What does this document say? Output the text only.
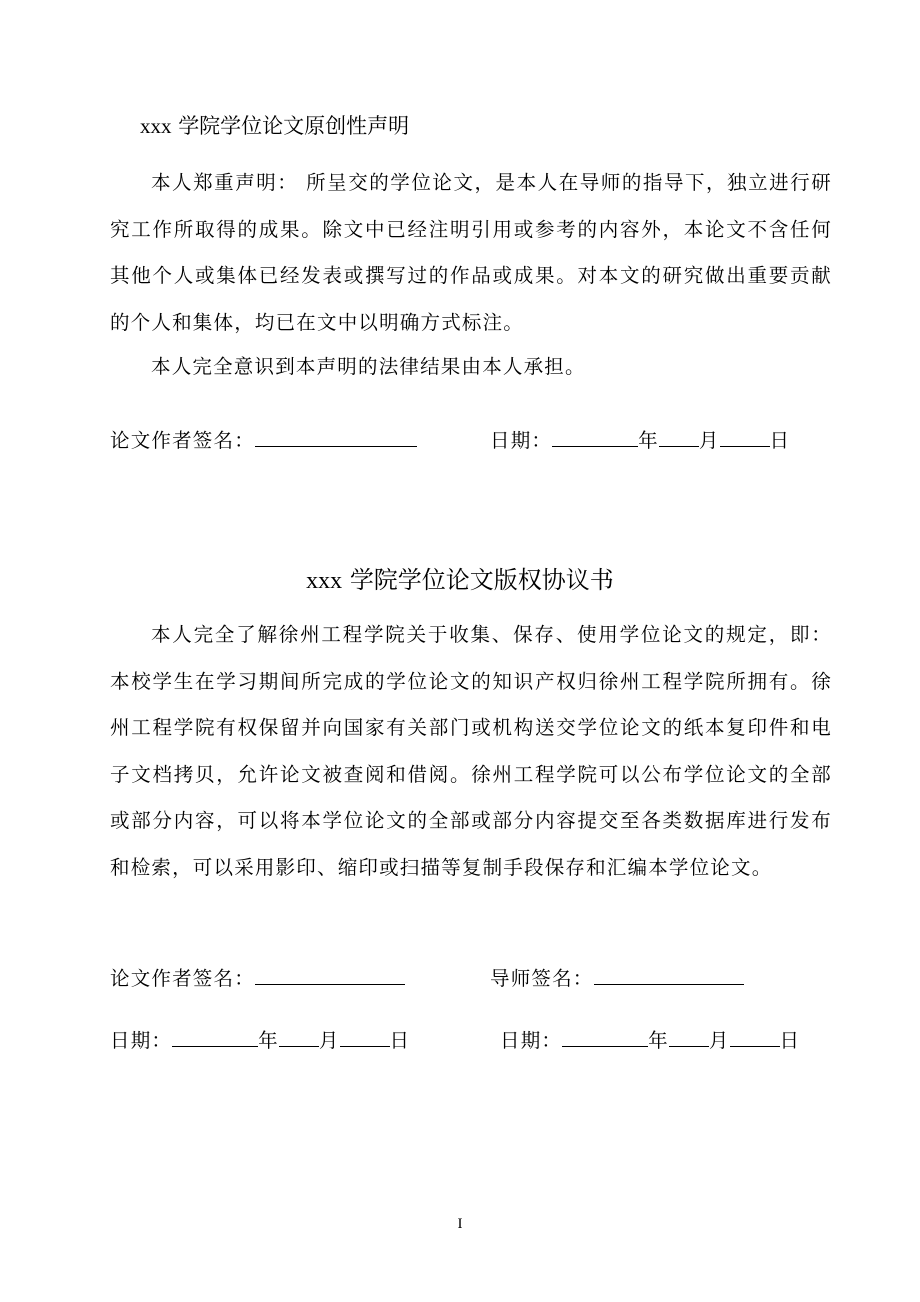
xxx 学院学位论文原创性声明

本人郑重声明： 所呈交的学位论文，是本人在导师的指导下，独立进行研究工作所取得的成果。除文中已经注明引用或参考的内容外，本论文不含任何其他个人或集体已经发表或撰写过的作品或成果。对本文的研究做出重要贡献的个人和集体，均已在文中以明确方式标注。

本人完全意识到本声明的法律结果由本人承担。

论文作者签名：	日期：	年 月	日
xxx 学院学位论文版权协议书

本人完全了解徐州工程学院关于收集、保存、使用学位论文的规定，即：本校学生在学习期间所完成的学位论文的知识产权归徐州工程学院所拥有。徐州工程学院有权保留并向国家有关部门或机构送交学位论文的纸本复印件和电子文档拷贝，允许论文被查阅和借阅。徐州工程学院可以公布学位论文的全部或部分内容，可以将本学位论文的全部或部分内容提交至各类数据库进行发布和检索，可以采用影印、缩印或扫描等复制手段保存和汇编本学位论文。

论文作者签名：	导师签名：
日期：	年 月	日	日期：	年 月	日
I
